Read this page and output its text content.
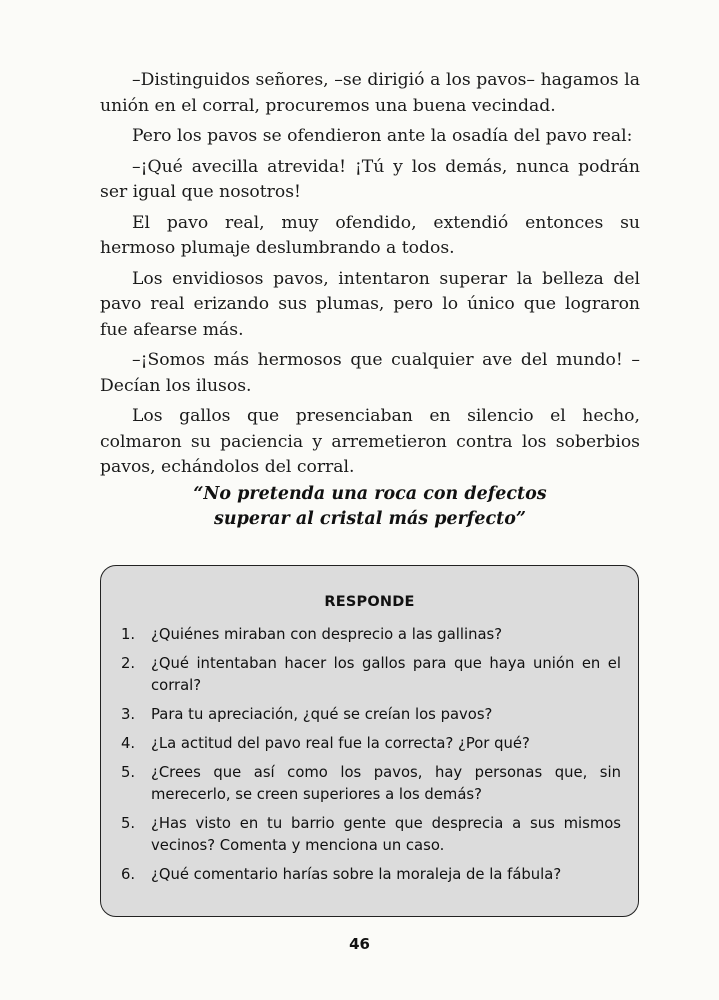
–Distinguidos señores, –se dirigió a los pavos– hagamos la unión en el corral, procuremos una buena vecindad.

Pero los pavos se ofendieron ante la osadía del pavo real:

–¡Qué avecilla atrevida! ¡Tú y los demás, nunca podrán ser igual que nosotros!

El pavo real, muy ofendido, extendió entonces su hermoso plumaje deslumbrando a todos.

Los envidiosos pavos, intentaron superar la belleza del pavo real erizando sus plumas, pero lo único que lograron fue afearse más.

–¡Somos más hermosos que cualquier ave del mundo! –Decían los ilusos.

Los gallos que presenciaban en silencio el hecho, colmaron su paciencia y arremetieron contra los soberbios pavos, echándolos del corral.

“No pretenda una roca con defectos
superar al cristal más perfecto”
RESPONDE
1.	¿Quiénes miraban con desprecio a las gallinas?
2.	¿Qué intentaban hacer los gallos para que haya unión en el corral?
3.	Para tu apreciación, ¿qué se creían los pavos?
4.	¿La actitud del pavo real fue la correcta? ¿Por qué?
5.	¿Crees que así como los pavos, hay personas que, sin merecerlo, se creen superiores a los demás?
5.	¿Has visto en tu barrio gente que desprecia a sus mismos vecinos? Comenta y menciona un caso.
6.	¿Qué comentario harías sobre la moraleja de la fábula?
46
